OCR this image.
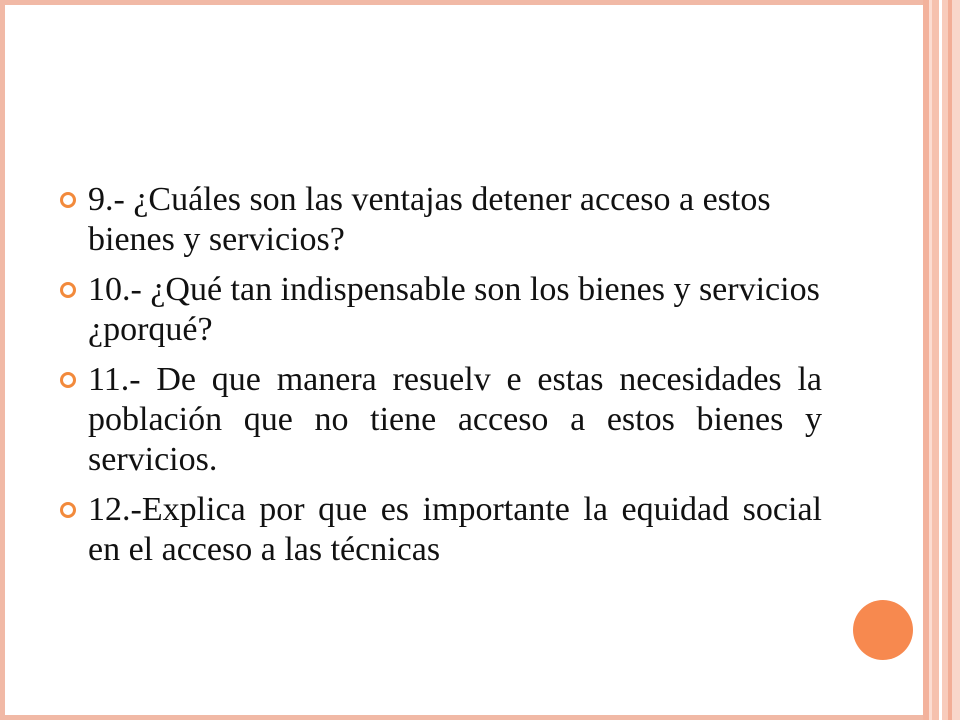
9.- ¿Cuáles son las ventajas detener acceso a estos bienes y servicios?
10.- ¿Qué tan indispensable son los bienes y servicios ¿porqué?
11.- De que manera resuelv e estas necesidades la población que no tiene acceso a estos bienes y servicios.
12.-Explica por que es importante la equidad social en el acceso a las técnicas
